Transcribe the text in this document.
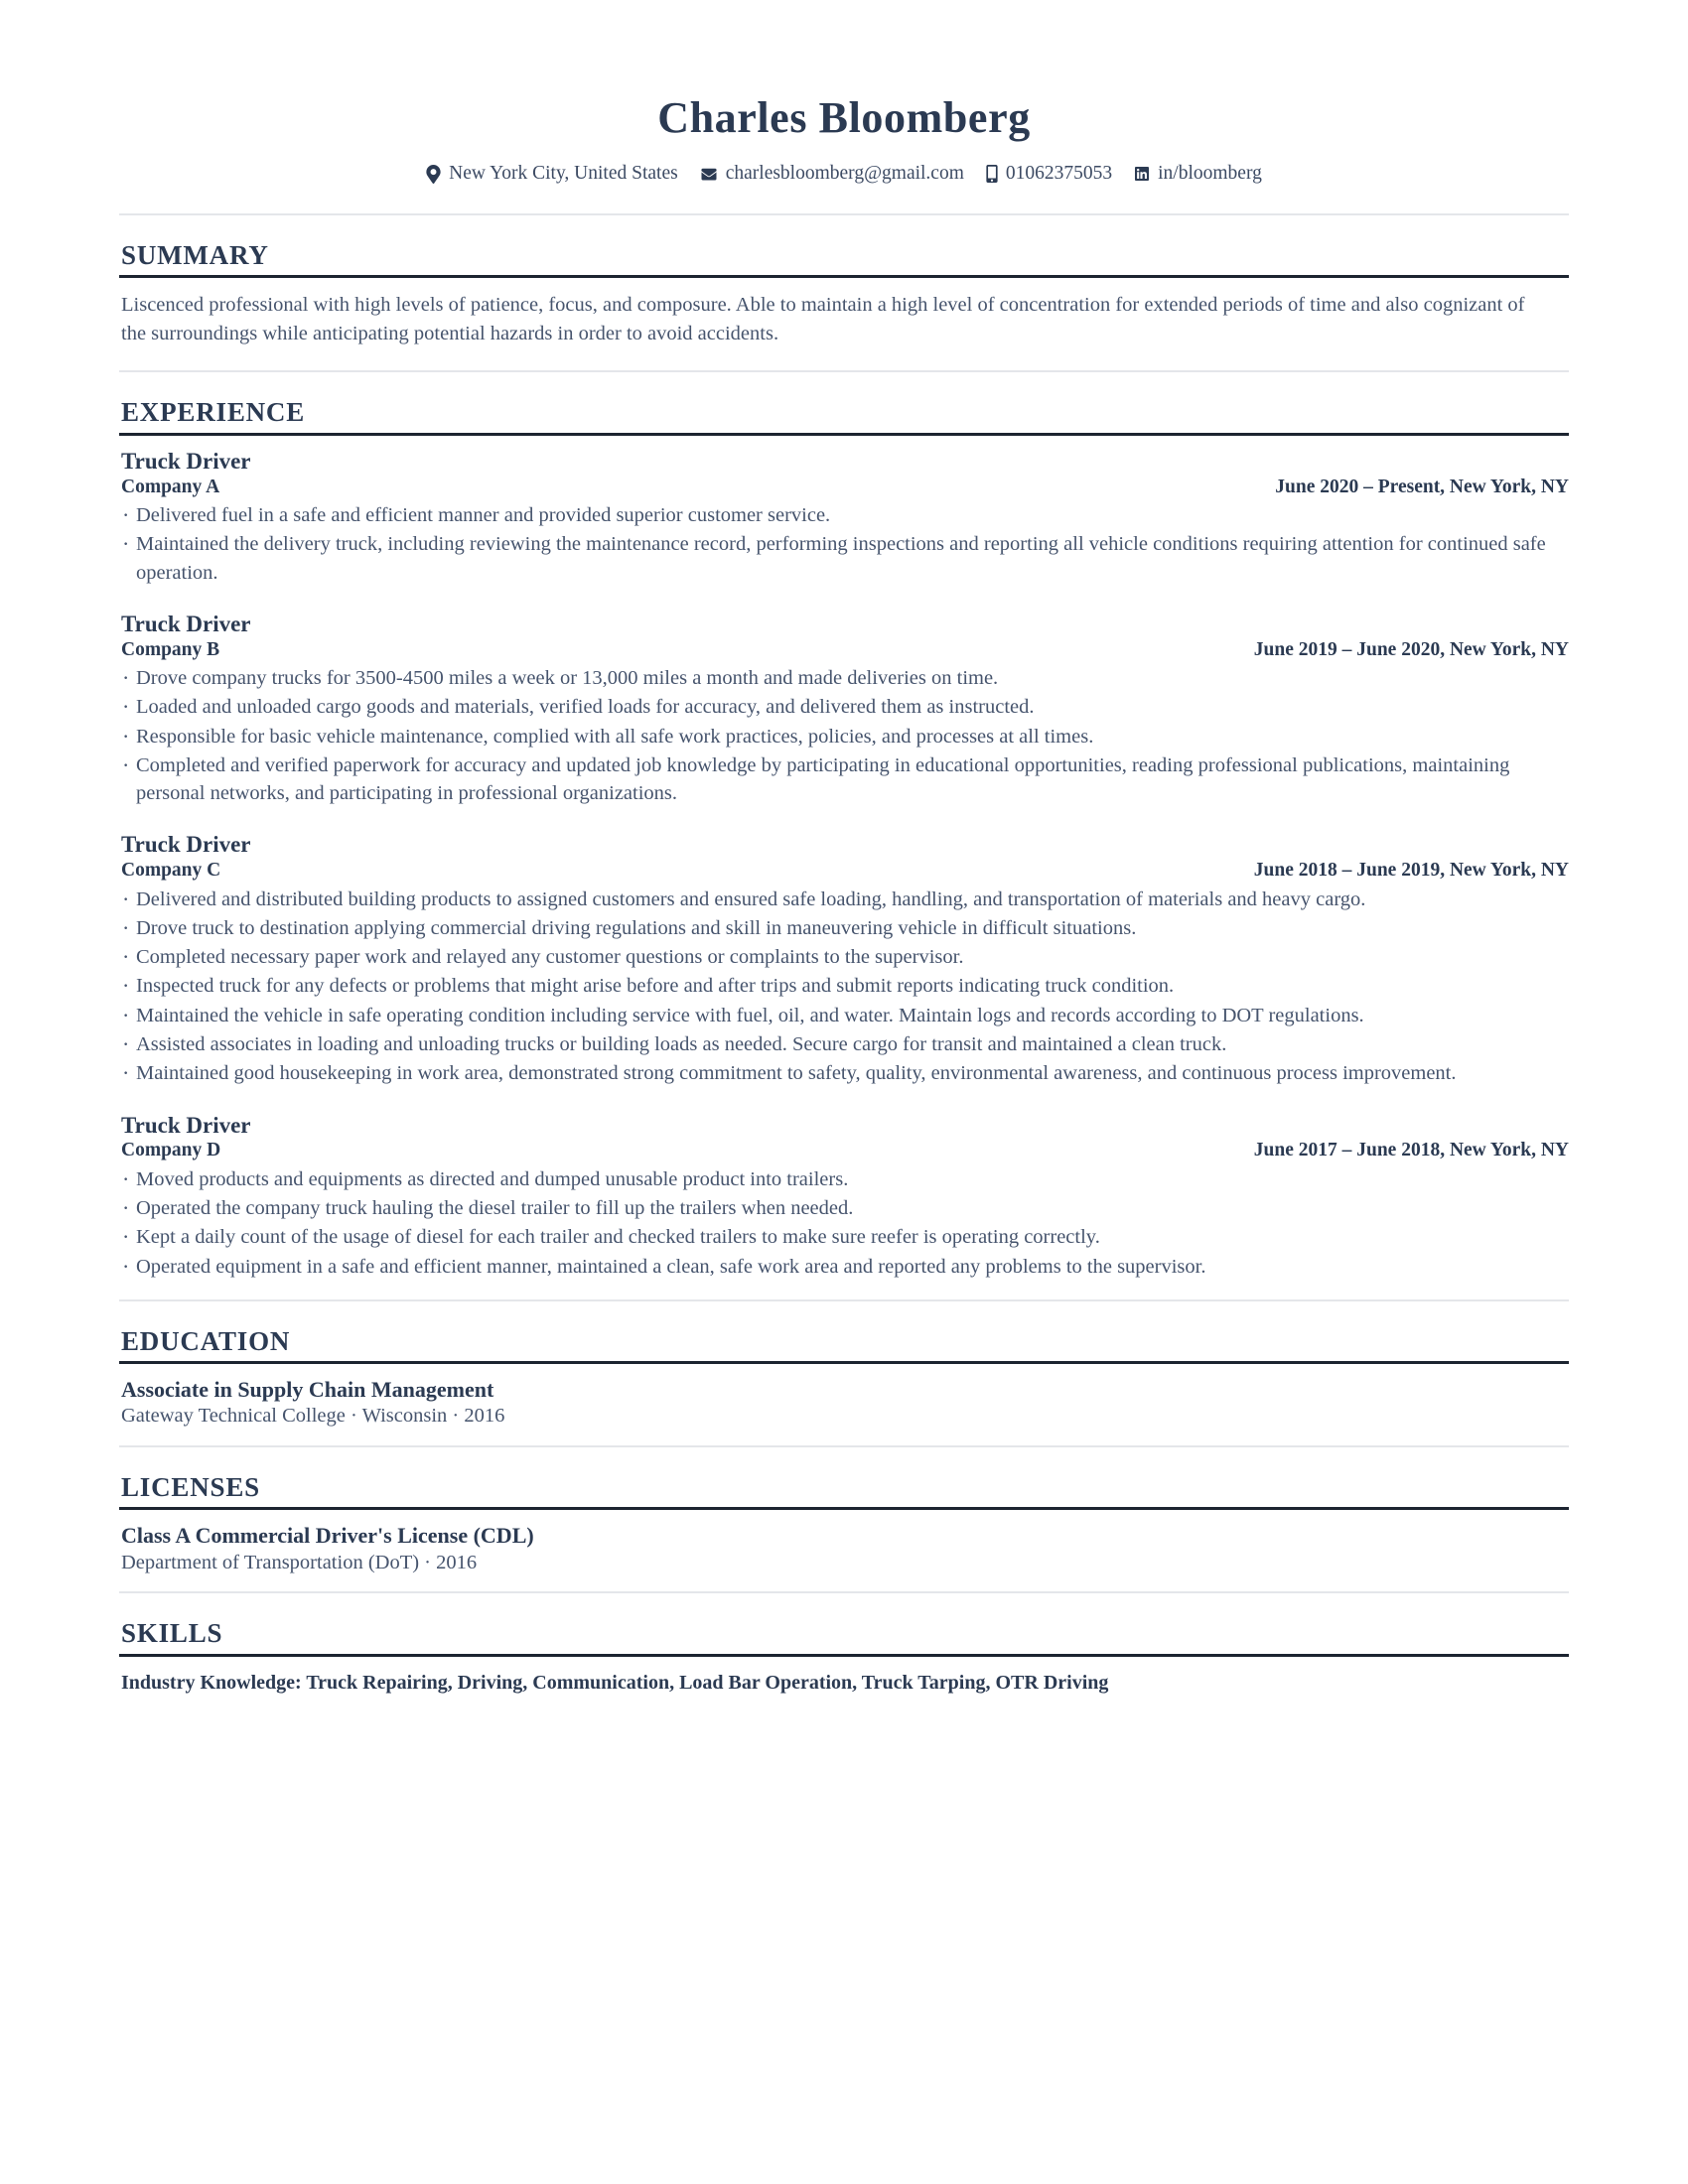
Charles Bloomberg
New York City, United States charlesbloomberg@gmail.com 01062375053 in/bloomberg
SUMMARY

Liscenced professional with high levels of patience, focus, and composure. Able to maintain a high level of concentration for extended periods of time and also cognizant of the surroundings while anticipating potential hazards in order to avoid accidents.

EXPERIENCE
Truck Driver
Company A	June 2020 – Present, New York, NY
· Delivered fuel in a safe and efficient manner and provided superior customer service.
· Maintained the delivery truck, including reviewing the maintenance record, performing inspections and reporting all vehicle conditions requiring attention for continued safe operation.
Truck Driver
Company B	June 2019 – June 2020, New York, NY
· Drove company trucks for 3500-4500 miles a week or 13,000 miles a month and made deliveries on time.
· Loaded and unloaded cargo goods and materials, verified loads for accuracy, and delivered them as instructed.
· Responsible for basic vehicle maintenance, complied with all safe work practices, policies, and processes at all times.
· Completed and verified paperwork for accuracy and updated job knowledge by participating in educational opportunities, reading professional publications, maintaining personal networks, and participating in professional organizations.
Truck Driver
Company C	June 2018 – June 2019, New York, NY
· Delivered and distributed building products to assigned customers and ensured safe loading, handling, and transportation of materials and heavy cargo.
· Drove truck to destination applying commercial driving regulations and skill in maneuvering vehicle in difficult situations.
· Completed necessary paper work and relayed any customer questions or complaints to the supervisor.
· Inspected truck for any defects or problems that might arise before and after trips and submit reports indicating truck condition.
· Maintained the vehicle in safe operating condition including service with fuel, oil, and water. Maintain logs and records according to DOT regulations.
· Assisted associates in loading and unloading trucks or building loads as needed. Secure cargo for transit and maintained a clean truck.
· Maintained good housekeeping in work area, demonstrated strong commitment to safety, quality, environmental awareness, and continuous process improvement.
Truck Driver
Company D	June 2017 – June 2018, New York, NY
· Moved products and equipments as directed and dumped unusable product into trailers.
· Operated the company truck hauling the diesel trailer to fill up the trailers when needed.
· Kept a daily count of the usage of diesel for each trailer and checked trailers to make sure reefer is operating correctly.
· Operated equipment in a safe and efficient manner, maintained a clean, safe work area and reported any problems to the supervisor.
EDUCATION
Associate in Supply Chain Management
Gateway Technical College · Wisconsin · 2016
LICENSES
Class A Commercial Driver's License (CDL)
Department of Transportation (DoT) · 2016
SKILLS
Industry Knowledge: Truck Repairing, Driving, Communication, Load Bar Operation, Truck Tarping, OTR Driving
